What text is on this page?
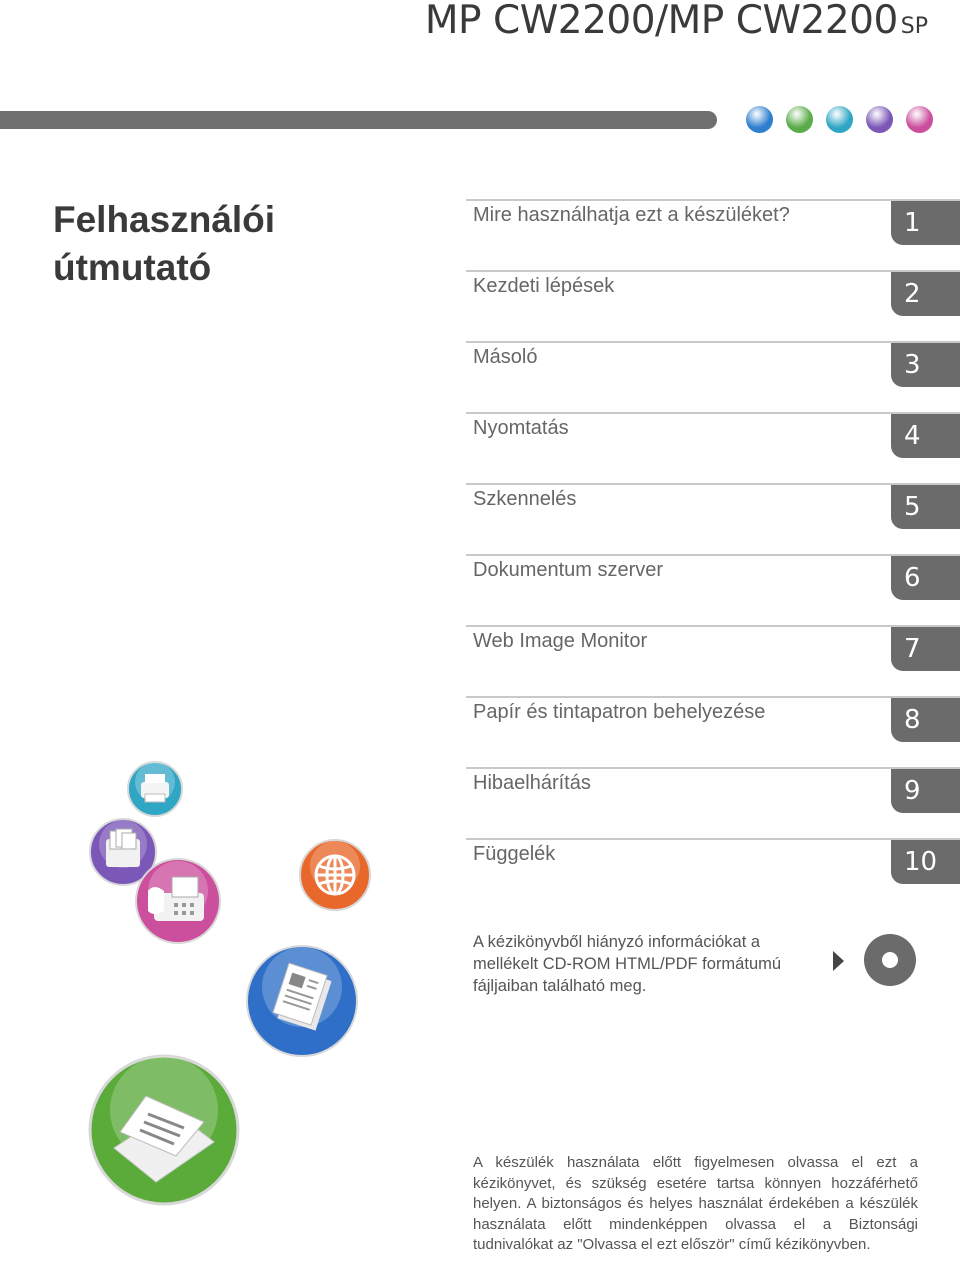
MP CW2200/MP CW2200 SP
Felhasználói
útmutató
Mire használhatja ezt a készüléket?	1
Kezdeti lépések	2
Másoló	3
Nyomtatás	4
Szkennelés	5
Dokumentum szerver	6
Web Image Monitor	7
Papír és tintapatron behelyezése	8
Hibaelhárítás	9
Függelék	10
A kézikönyvből hiányzó információkat a mellékelt CD-ROM HTML/PDF formátumú fájljaiban található meg.
A készülék használata előtt figyelmesen olvassa el ezt a kézikönyvet, és szükség esetére tartsa könnyen hozzáférhető helyen. A biztonságos és helyes használat érdekében a készülék használata előtt mindenképpen olvassa el a Biztonsági tudnivalókat az "Olvassa el ezt először" című kézikönyvben.
